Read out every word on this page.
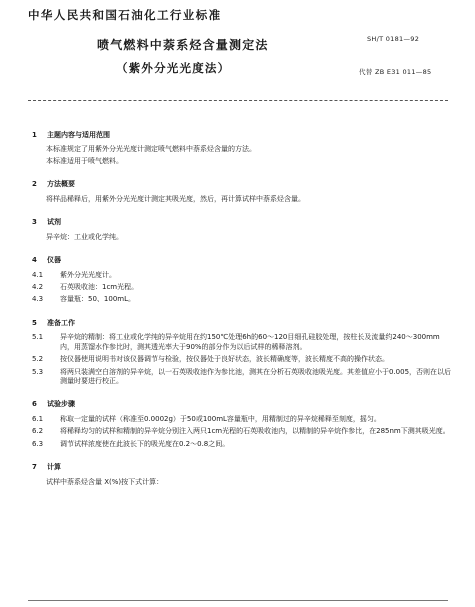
中华人民共和国石油化工行业标准
SH/T 0181—92
喷气燃料中萘系烃含量测定法
（紫外分光光度法）	代替 ZB E31 011—85
1 主题内容与适用范围
本标准规定了用紫外分光光度计测定喷气燃料中萘系烃含量的方法。
本标准适用于喷气燃料。
2 方法概要
将样品稀释后，用紫外分光光度计测定其吸光度，然后，再计算试样中萘系烃含量。
3 试剂
异辛烷：工业或化学纯。
4 仪器
4.1	紫外分光光度计。
4.2	石英吸收池：1cm光程。
4.3	容量瓶：50、100mL。
5 准备工作
5.1	异辛烷的精制：将工业或化学纯的异辛烷用在约150℃处理6h的60～120目细孔硅胶处理，按柱长及流量约240～300mm内，用蒸馏水作参比时，测其透光率大于90%的部分作为以后试样的稀释溶剂。
5.2	按仪器使用说明书对该仪器调节与检验，按仪器处于良好状态，波长精确度等，波长精度不高的操作状态。
5.3	将两只装满空白溶剂的异辛烷，以一石英吸收池作为参比池，测其在分析石英吸收池吸光度。其差值应小于0.005，否则在以后测量时要进行校正。
6 试验步骤
6.1	称取一定量的试样（称准至0.0002g）于50或100mL容量瓶中，用精制过的异辛烷稀释至刻度，摇匀。
6.2	将稀释均匀的试样和精制的异辛烷分别注入两只1cm光程的石英吸收池内，以精制的异辛烷作参比，在285nm下测其吸光度。
6.3	调节试样浓度使在此波长下的吸光度在0.2～0.8之间。
7 计算
试样中萘系烃含量 X(%)按下式计算：
